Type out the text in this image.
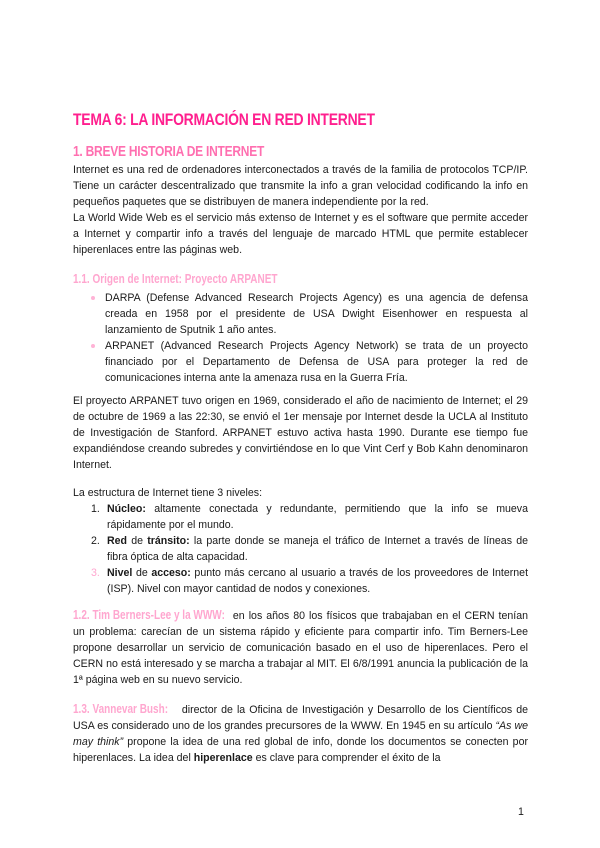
TEMA 6: LA INFORMACIÓN EN RED INTERNET
1. BREVE HISTORIA DE INTERNET

Internet es una red de ordenadores interconectados a través de la familia de protocolos TCP/IP. Tiene un carácter descentralizado que transmite la info a gran velocidad codificando la info en pequeños paquetes que se distribuyen de manera independiente por la red.

La World Wide Web es el servicio más extenso de Internet y es el software que permite acceder a Internet y compartir info a través del lenguaje de marcado HTML que permite establecer hiperenlaces entre las páginas web.

1.1. Origen de Internet: Proyecto ARPANET
DARPA (Defense Advanced Research Projects Agency) es una agencia de defensa creada en 1958 por el presidente de USA Dwight Eisenhower en respuesta al lanzamiento de Sputnik 1 año antes.
ARPANET (Advanced Research Projects Agency Network) se trata de un proyecto financiado por el Departamento de Defensa de USA para proteger la red de comunicaciones interna ante la amenaza rusa en la Guerra Fría.

El proyecto ARPANET tuvo origen en 1969, considerado el año de nacimiento de Internet; el 29 de octubre de 1969 a las 22:30, se envió el 1er mensaje por Internet desde la UCLA al Instituto de Investigación de Stanford. ARPANET estuvo activa hasta 1990. Durante ese tiempo fue expandiéndose creando subredes y convirtiéndose en lo que Vint Cerf y Bob Kahn denominaron Internet.

La estructura de Internet tiene 3 niveles:

1. Núcleo: altamente conectada y redundante, permitiendo que la info se mueva rápidamente por el mundo.
2. Red de tránsito: la parte donde se maneja el tráfico de Internet a través de líneas de fibra óptica de alta capacidad.
3. Nivel de acceso: punto más cercano al usuario a través de los proveedores de Internet (ISP). Nivel con mayor cantidad de nodos y conexiones.

1.2. Tim Berners-Lee y la WWW: en los años 80 los físicos que trabajaban en el CERN tenían un problema: carecían de un sistema rápido y eficiente para compartir info. Tim Berners-Lee propone desarrollar un servicio de comunicación basado en el uso de hiperenlaces. Pero el CERN no está interesado y se marcha a trabajar al MIT. El 6/8/1991 anuncia la publicación de la 1ª página web en su nuevo servicio.

1.3. Vannevar Bush: director de la Oficina de Investigación y Desarrollo de los Científicos de USA es considerado uno de los grandes precursores de la WWW. En 1945 en su artículo “As we may think” propone la idea de una red global de info, donde los documentos se conecten por hiperenlaces. La idea del hiperenlace es clave para comprender el éxito de la

1
